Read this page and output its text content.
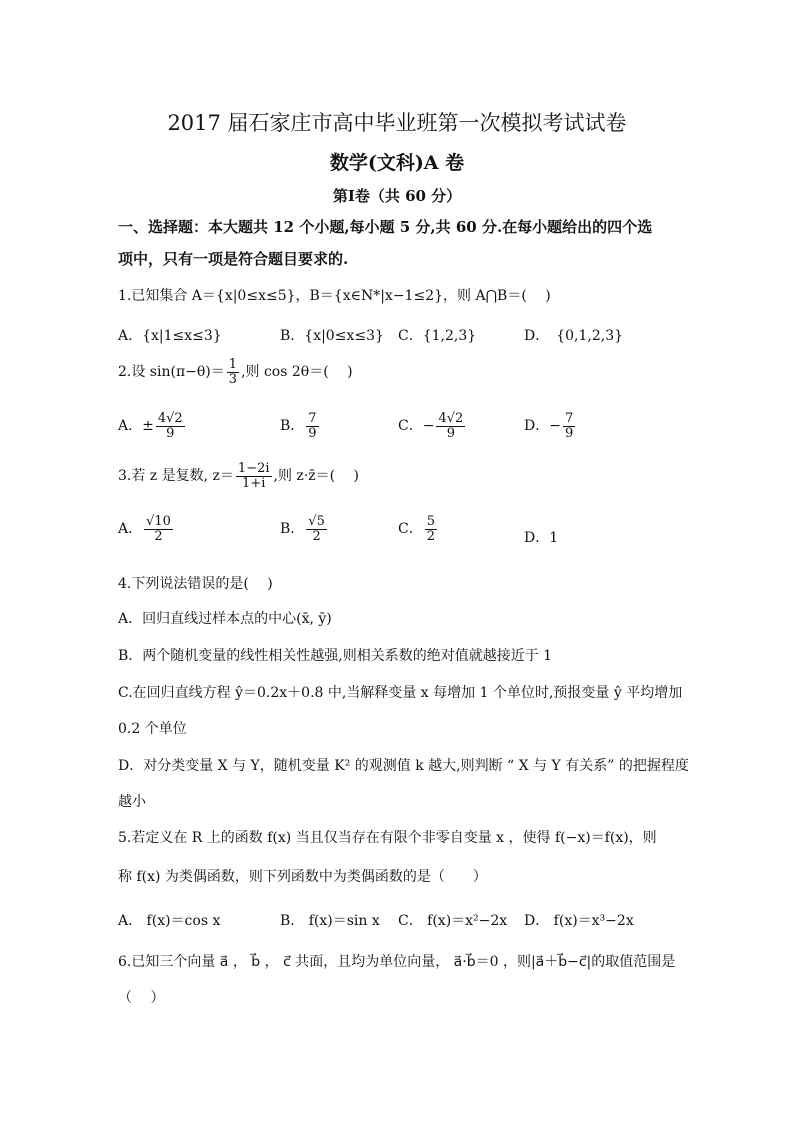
2017 届石家庄市高中毕业班第一次模拟考试试卷
数学(文科)A 卷
第Ⅰ卷（共 60 分）
一、选择题：本大题共 12 个小题,每小题 5 分,共 60 分.在每小题给出的四个选
项中，只有一项是符合题目要求的.
1.已知集合 A＝{x|0≤x≤5}，B＝{x∈N*|x−1≤2}，则 A⋂B＝(　 )
A．{x|1≤x≤3}	B．{x|0≤x≤3} C．{1,2,3}	D．　{0,1,2,3}
2.设 $\sin(\pi-\theta)= \frac{1}{3}$ ,则 cos 2θ＝(　 )
A．± $\frac{4√2}{9}$	B． $\frac{7}{9}$	C．− $\frac{4√2}{9}$	D．− $\frac{7}{9}$
3.若 z 是复数, $z= \frac{1-2i}{1+i}$ ,则 z·z̄＝(　 )
A． $\frac{√10}{2}$	B． $\frac{√5}{2}$	C． $\frac{5}{2}$	D．1
4.下列说法错误的是(　 )
A．回归直线过样本点的中心(x̄, ȳ)
B．两个随机变量的线性相关性越强,则相关系数的绝对值就越接近于 1
C.在回归直线方程 ŷ＝0.2x＋0.8 中,当解释变量 x 每增加 1 个单位时,预报变量 ŷ 平均增加
0.2 个单位
D．对分类变量 X 与 Y，随机变量 K² 的观测值 k 越大,则判断 “ X 与 Y 有关系” 的把握程度
越小
5.若定义在 R 上的函数 f(x) 当且仅当存在有限个非零自变量 x ，使得 f(−x)＝f(x)，则
称 f(x) 为类偶函数，则下列函数中为类偶函数的是（　　）
A． f(x)＝cos x	B． f(x)＝sin x C． f(x)＝x²−2x D． f(x)＝x³−2x
6.已知三个向量 a⃗ ， b⃗ ， c⃗ 共面，且均为单位向量， a⃗·b⃗＝0 ，则|a⃗＋b⃗−c⃗|的取值范围是
（　 ）
